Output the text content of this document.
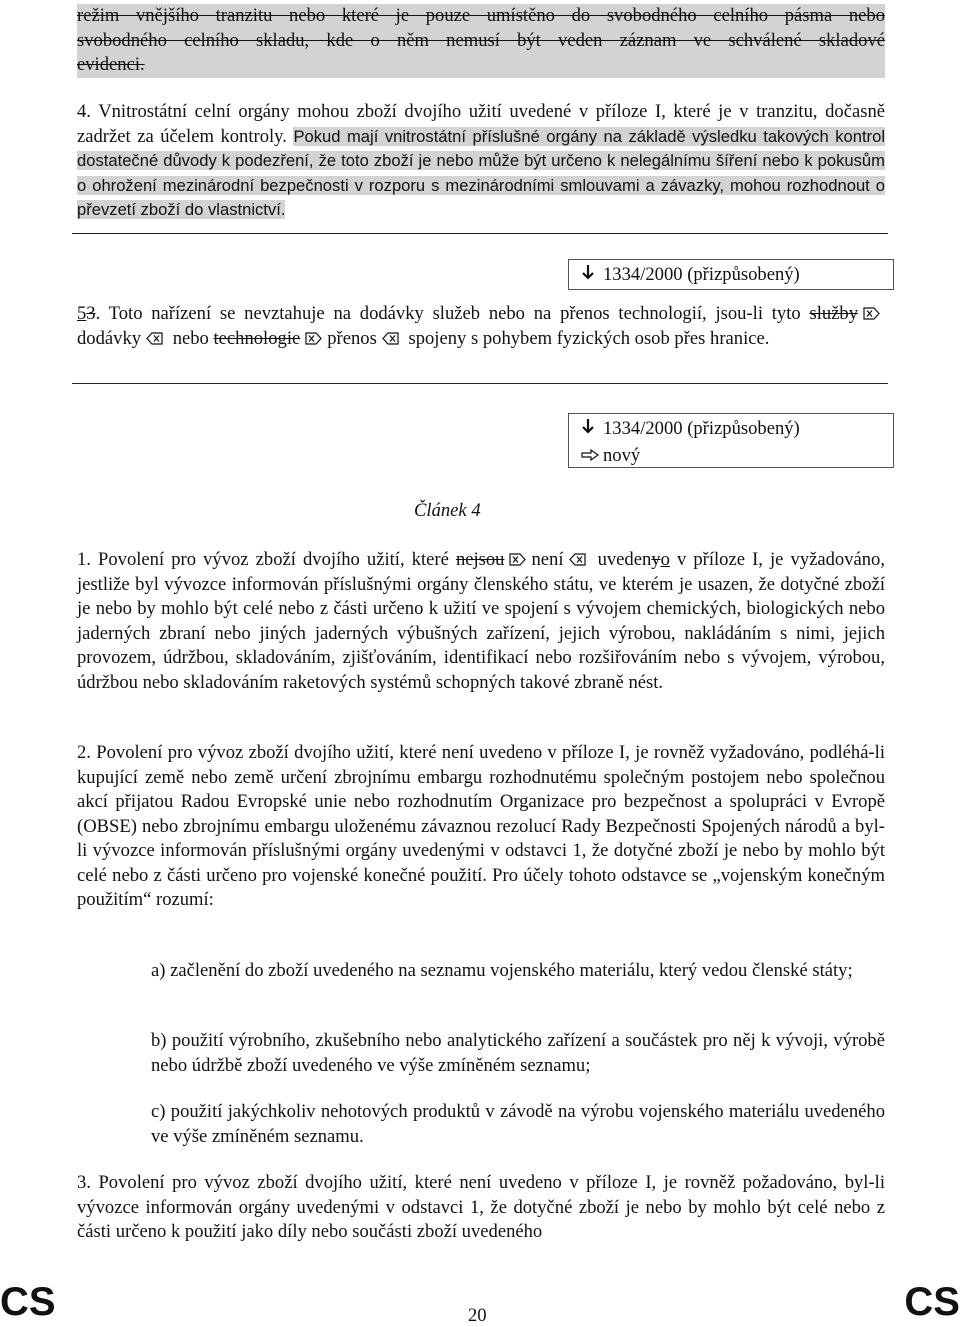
režim vnějšího tranzitu nebo které je pouze umístěno do svobodného celního pásma nebo
svobodného celního skladu, kde o něm nemusí být veden záznam ve schválené skladové
evidenci.
4. Vnitrostátní celní orgány mohou zboží dvojího užití uvedené v příloze I, které je v tranzitu, dočasně zadržet za účelem kontroly. Pokud mají vnitrostátní příslušné orgány na základě výsledku takových kontrol dostatečné důvody k podezření, že toto zboží je nebo může být určeno k nelegálnímu šíření nebo k pokusům o ohrožení mezinárodní bezpečnosti v rozporu s mezinárodními smlouvami a závazky, mohou rozhodnout o převzetí zboží do vlastnictví.
1334/2000 (přizpůsobený)
53. Toto nařízení se nevztahuje na dodávky služeb nebo na přenos technologií, jsou-li tyto službydodávky nebo technologie přenos spojeny s pohybem fyzických osob přes hranice.
1334/2000 (přizpůsobený)
nový
Článek 4
1. Povolení pro vývoz zboží dvojího užití, které nejsou není uvedenyo v příloze I, je vyžadováno, jestliže byl vývozce informován příslušnými orgány členského státu, ve kterém je usazen, že dotyčné zboží je nebo by mohlo být celé nebo z části určeno k užití ve spojení s vývojem chemických, biologických nebo jaderných zbraní nebo jiných jaderných výbušných zařízení, jejich výrobou, nakládáním s nimi, jejich provozem, údržbou, skladováním, zjišťováním, identifikací nebo rozšiřováním nebo s vývojem, výrobou, údržbou nebo skladováním raketových systémů schopných takové zbraně nést.
2. Povolení pro vývoz zboží dvojího užití, které není uvedeno v příloze I, je rovněž vyžadováno, podléhá-li kupující země nebo země určení zbrojnímu embargu rozhodnutému společným postojem nebo společnou akcí přijatou Radou Evropské unie nebo rozhodnutím Organizace pro bezpečnost a spolupráci v Evropě (OBSE) nebo zbrojnímu embargu uloženému závaznou rezolucí Rady Bezpečnosti Spojených národů a byl-li vývozce informován příslušnými orgány uvedenými v odstavci 1, že dotyčné zboží je nebo by mohlo být celé nebo z části určeno pro vojenské konečné použití. Pro účely tohoto odstavce se „vojenským konečným použitím“ rozumí:
a) začlenění do zboží uvedeného na seznamu vojenského materiálu, který vedou členské státy;
b) použití výrobního, zkušebního nebo analytického zařízení a součástek pro něj k vývoji, výrobě nebo údržbě zboží uvedeného ve výše zmíněném seznamu;
c) použití jakýchkoliv nehotových produktů v závodě na výrobu vojenského materiálu uvedeného ve výše zmíněném seznamu.
3. Povolení pro vývoz zboží dvojího užití, které není uvedeno v příloze I, je rovněž požadováno, byl-li vývozce informován orgány uvedenými v odstavci 1, že dotyčné zboží je nebo by mohlo být celé nebo z části určeno k použití jako díly nebo součásti zboží uvedeného
CS	20	CS
